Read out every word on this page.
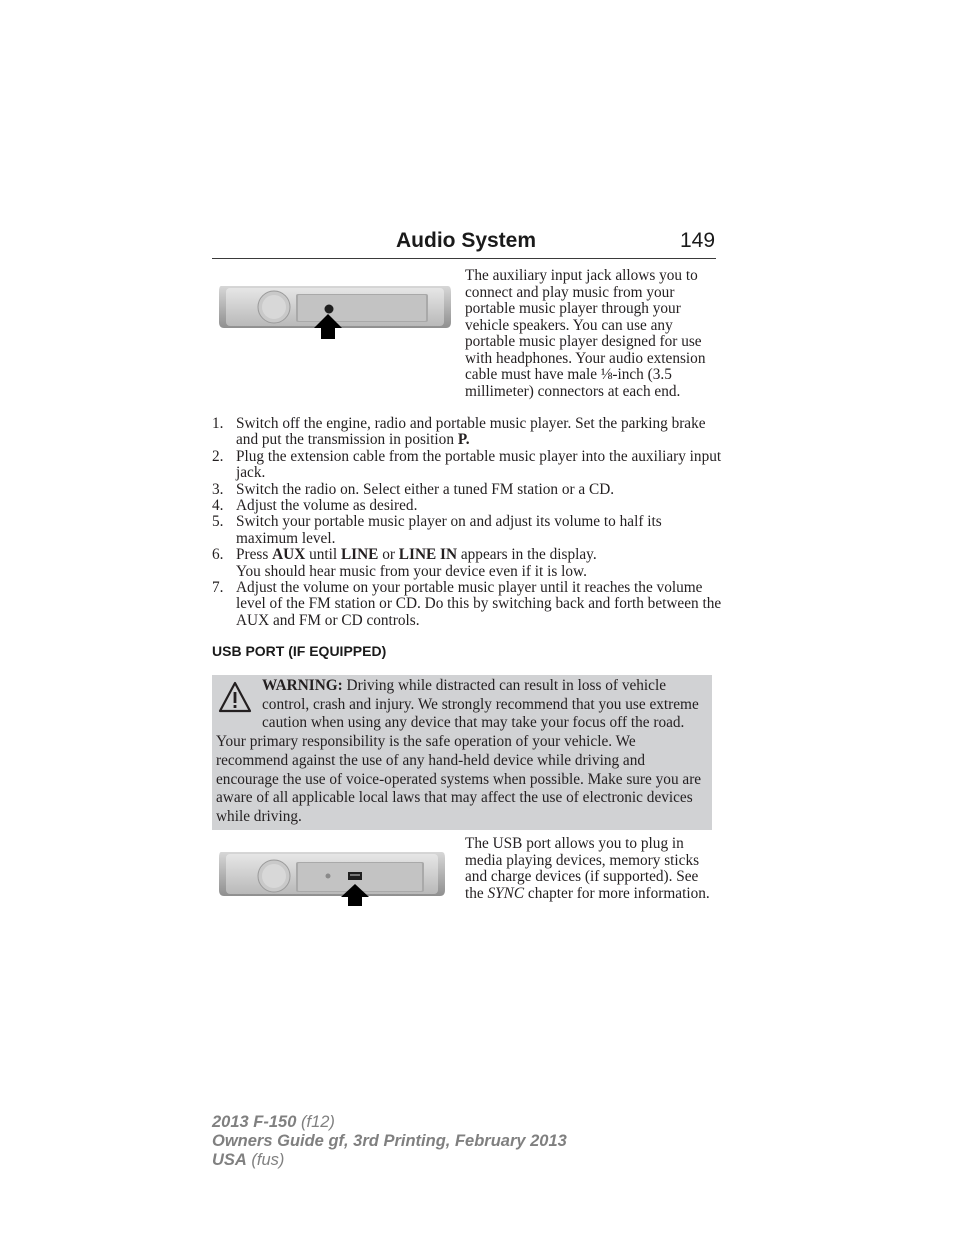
Audio System	149
The auxiliary input jack allows you to connect and play music from your portable music player through your vehicle speakers. You can use any portable music player designed for use with headphones. Your audio extension cable must have male ⅛-inch (3.5 millimeter) connectors at each end.
1. Switch off the engine, radio and portable music player. Set the parking brake and put the transmission in position P.
2. Plug the extension cable from the portable music player into the auxiliary input jack.
3. Switch the radio on. Select either a tuned FM station or a CD.
4. Adjust the volume as desired.
5. Switch your portable music player on and adjust its volume to half its maximum level.
6. Press AUX until LINE or LINE IN appears in the display.
You should hear music from your device even if it is low.
7. Adjust the volume on your portable music player until it reaches the volume level of the FM station or CD. Do this by switching back and forth between the AUX and FM or CD controls.
USB PORT (IF EQUIPPED)
WARNING: Driving while distracted can result in loss of vehicle control, crash and injury. We strongly recommend that you use extreme caution when using any device that may take your focus off the road. Your primary responsibility is the safe operation of your vehicle. We recommend against the use of any hand-held device while driving and encourage the use of voice-operated systems when possible. Make sure you are aware of all applicable local laws that may affect the use of electronic devices while driving.
The USB port allows you to plug in media playing devices, memory sticks and charge devices (if supported). See the SYNC chapter for more information.
2013 F-150 (f12)
Owners Guide gf, 3rd Printing, February 2013
USA (fus)
